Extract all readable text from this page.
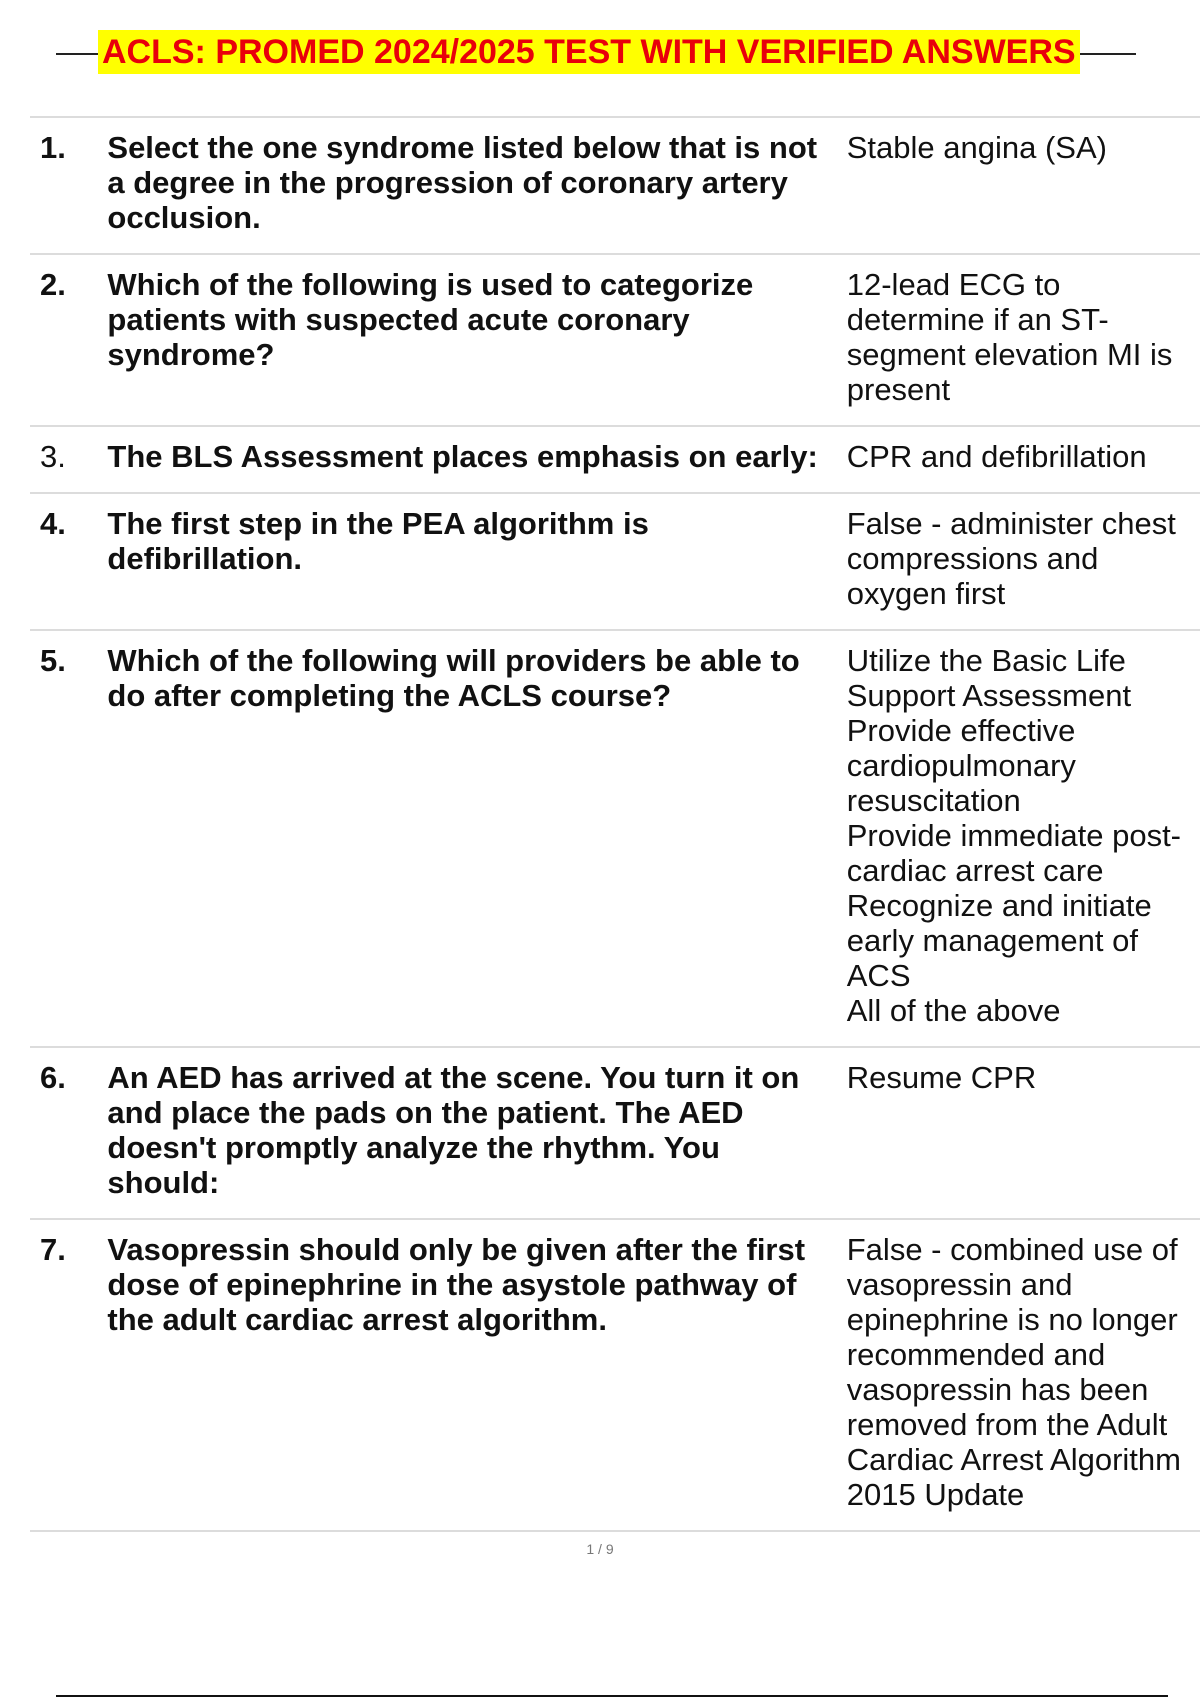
ACLS: PROMED 2024/2025 TEST WITH VERIFIED ANSWERS
1.	Select the one syndrome listed below that is not a degree in the progression of coronary artery occlusion.	Stable angina (SA)

2.	Which of the following is used to categorize patients with suspected acute coronary syndrome?	12-lead ECG to determine if an ST-segment elevation MI is present

3.	The BLS Assessment places emphasis on early:	CPR and defibrillation

4.	The first step in the PEA algorithm is defibrillation.	False - administer chest compressions and oxygen first

5.	Which of the following will providers be able to do after completing the ACLS course?	Utilize the Basic Life Support Assessment
Provide effective cardiopulmonary resuscitation
Provide immediate post-cardiac arrest care
Recognize and initiate early management of ACS
All of the above

6.	An AED has arrived at the scene. You turn it on and place the pads on the patient. The AED doesn't promptly analyze the rhythm. You should:	Resume CPR

7.	Vasopressin should only be given after the first dose of epinephrine in the asystole pathway of the adult cardiac arrest algorithm.	False - combined use of vasopressin and epinephrine is no longer recommended and vasopressin has been removed from the Adult Cardiac Arrest Algorithm 2015 Update
1 / 9
